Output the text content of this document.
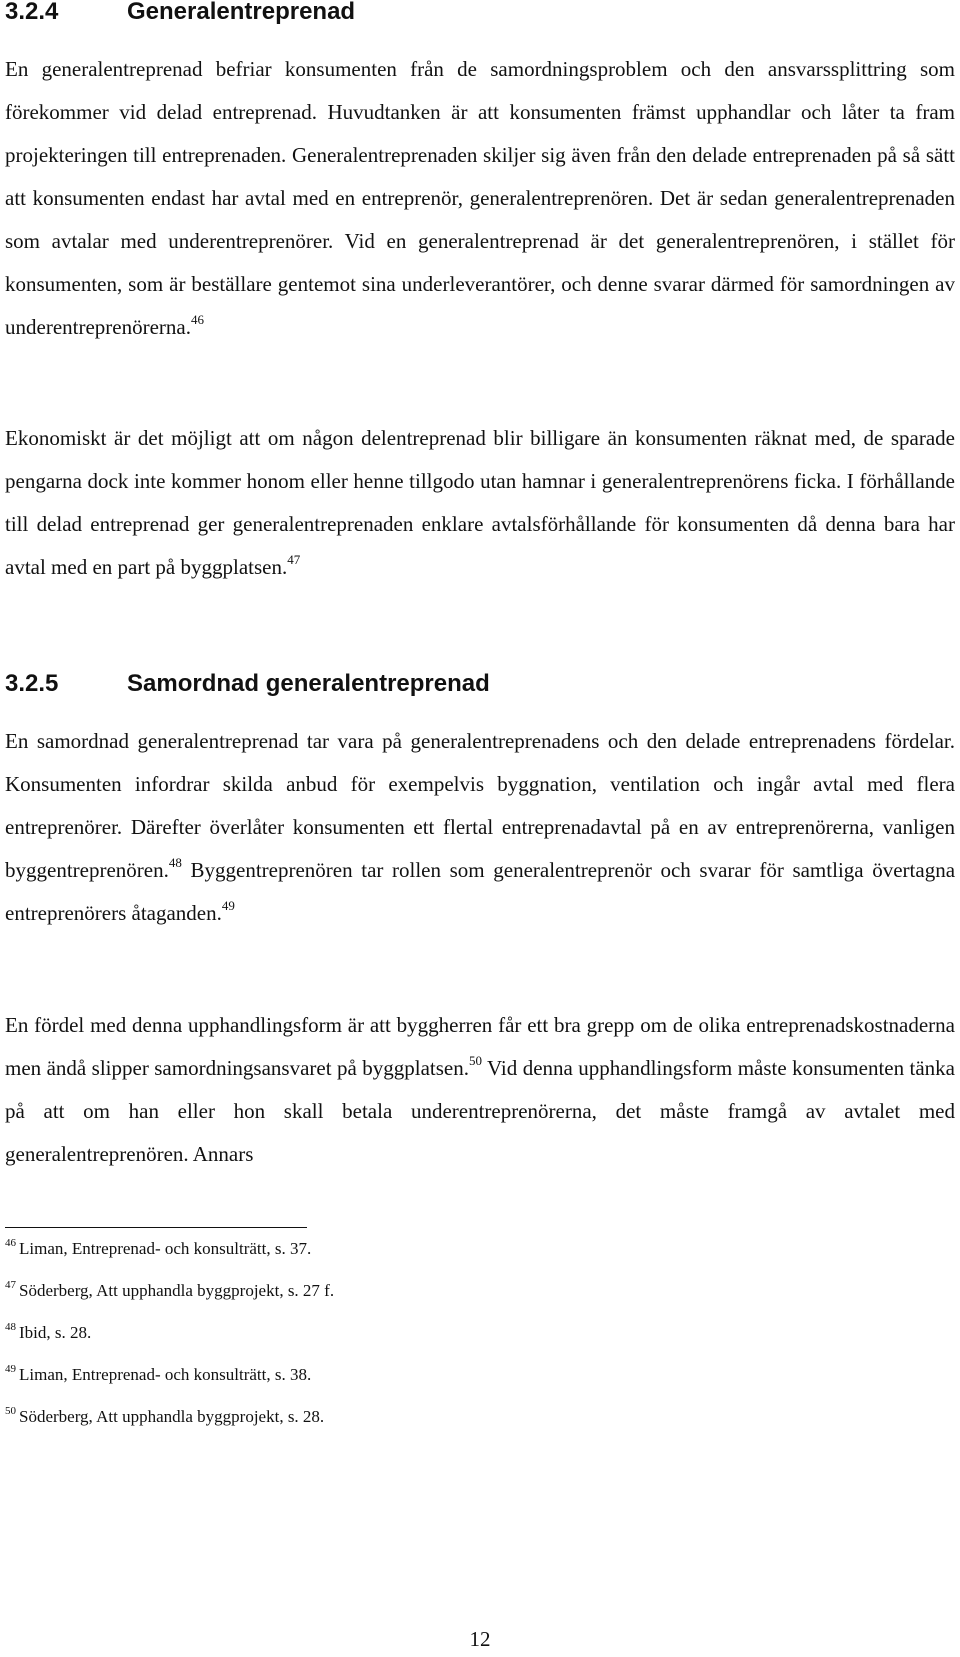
3.2.4	Generalentreprenad

En generalentreprenad befriar konsumenten från de samordningsproblem och den ansvarssplittring som förekommer vid delad entreprenad. Huvudtanken är att konsumenten främst upphandlar och låter ta fram projekteringen till entreprenaden. Generalentreprenaden skiljer sig även från den delade entreprenaden på så sätt att konsumenten endast har avtal med en entreprenör, generalentreprenören. Det är sedan generalentreprenaden som avtalar med underentreprenörer. Vid en generalentreprenad är det generalentreprenören, i stället för konsumenten, som är beställare gentemot sina underleverantörer, och denne svarar därmed för samordningen av underentreprenörerna.$^{46}$

Ekonomiskt är det möjligt att om någon delentreprenad blir billigare än konsumenten räknat med, de sparade pengarna dock inte kommer honom eller henne tillgodo utan hamnar i generalentreprenörens ficka. I förhållande till delad entreprenad ger generalentreprenaden enklare avtalsförhållande för konsumenten då denna bara har avtal med en part på byggplatsen.$^{47}$

3.2.5	Samordnad generalentreprenad

En samordnad generalentreprenad tar vara på generalentreprenadens och den delade entreprenadens fördelar. Konsumenten infordrar skilda anbud för exempelvis byggnation, ventilation och ingår avtal med flera entreprenörer. Därefter överlåter konsumenten ett flertal entreprenadavtal på en av entreprenörerna, vanligen byggentreprenören.$^{48}$ Byggentreprenören tar rollen som generalentreprenör och svarar för samtliga övertagna entreprenörers åtaganden.$^{49}$

En fördel med denna upphandlingsform är att byggherren får ett bra grepp om de olika entreprenadskostnaderna men ändå slipper samordningsansvaret på byggplatsen.$^{50}$ Vid denna upphandlingsform måste konsumenten tänka på att om han eller hon skall betala underentreprenörerna, det måste framgå av avtalet med generalentreprenören. Annars

$^{46}$ Liman, Entreprenad- och konsulträtt, s. 37.

$^{47}$ Söderberg, Att upphandla byggprojekt, s. 27 f.

$^{48}$ Ibid, s. 28.

$^{49}$ Liman, Entreprenad- och konsulträtt, s. 38.

$^{50}$ Söderberg, Att upphandla byggprojekt, s. 28.

12
